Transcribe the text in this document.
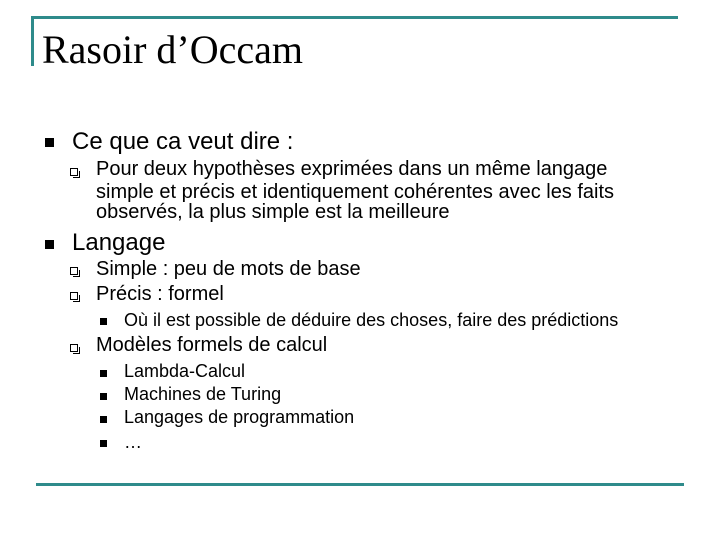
Rasoir d’Occam
Ce que ca veut dire :
Pour deux hypothèses exprimées dans un même langage
simple et précis et identiquement cohérentes avec les faits
observés, la plus simple est la meilleure
Langage
Simple : peu de mots de base
Précis : formel
Où il est possible de déduire des choses, faire des prédictions
Modèles formels de calcul
Lambda-Calcul
Machines de Turing
Langages de programmation
…
